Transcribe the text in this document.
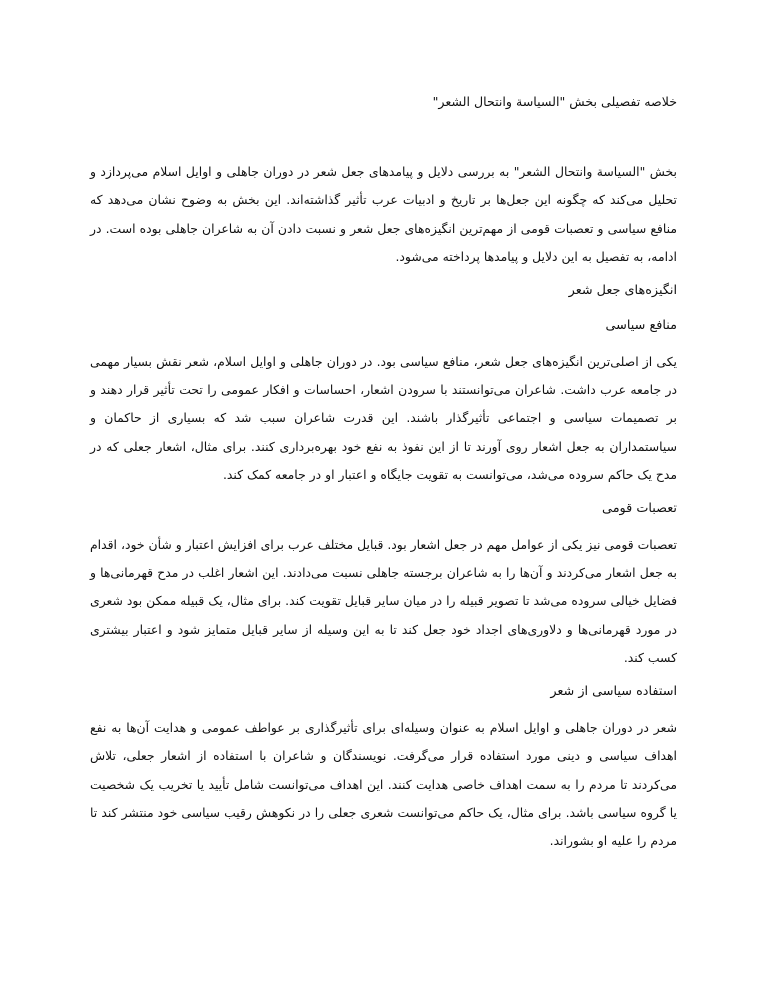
خلاصه تفصیلی بخش "السیاسة وانتحال الشعر"

بخش "السیاسة وانتحال الشعر" به بررسی دلایل و پیامدهای جعل شعر در دوران جاهلی و اوایل اسلام می‌پردازد و تحلیل می‌کند که چگونه این جعل‌ها بر تاریخ و ادبیات عرب تأثیر گذاشته‌اند. این بخش به وضوح نشان می‌دهد که منافع سیاسی و تعصبات قومی از مهم‌ترین انگیزه‌های جعل شعر و نسبت دادن آن به شاعران جاهلی بوده است. در ادامه، به تفصیل به این دلایل و پیامدها پرداخته می‌شود.

انگیزه‌های جعل شعر

منافع سیاسی

یکی از اصلی‌ترین انگیزه‌های جعل شعر، منافع سیاسی بود. در دوران جاهلی و اوایل اسلام، شعر نقش بسیار مهمی در جامعه عرب داشت. شاعران می‌توانستند با سرودن اشعار، احساسات و افکار عمومی را تحت تأثیر قرار دهند و بر تصمیمات سیاسی و اجتماعی تأثیرگذار باشند. این قدرت شاعران سبب شد که بسیاری از حاکمان و سیاستمداران به جعل اشعار روی آورند تا از این نفوذ به نفع خود بهره‌برداری کنند. برای مثال، اشعار جعلی که در مدح یک حاکم سروده می‌شد، می‌توانست به تقویت جایگاه و اعتبار او در جامعه کمک کند.

تعصبات قومی

تعصبات قومی نیز یکی از عوامل مهم در جعل اشعار بود. قبایل مختلف عرب برای افزایش اعتبار و شأن خود، اقدام به جعل اشعار می‌کردند و آن‌ها را به شاعران برجسته جاهلی نسبت می‌دادند. این اشعار اغلب در مدح قهرمانی‌ها و فضایل خیالی سروده می‌شد تا تصویر قبیله را در میان سایر قبایل تقویت کند. برای مثال، یک قبیله ممکن بود شعری در مورد قهرمانی‌ها و دلاوری‌های اجداد خود جعل کند تا به این وسیله از سایر قبایل متمایز شود و اعتبار بیشتری کسب کند.

استفاده سیاسی از شعر

شعر در دوران جاهلی و اوایل اسلام به عنوان وسیله‌ای برای تأثیرگذاری بر عواطف عمومی و هدایت آن‌ها به نفع اهداف سیاسی و دینی مورد استفاده قرار می‌گرفت. نویسندگان و شاعران با استفاده از اشعار جعلی، تلاش می‌کردند تا مردم را به سمت اهداف خاصی هدایت کنند. این اهداف می‌توانست شامل تأیید یا تخریب یک شخصیت یا گروه سیاسی باشد. برای مثال، یک حاکم می‌توانست شعری جعلی را در نکوهش رقیب سیاسی خود منتشر کند تا مردم را علیه او بشوراند.
